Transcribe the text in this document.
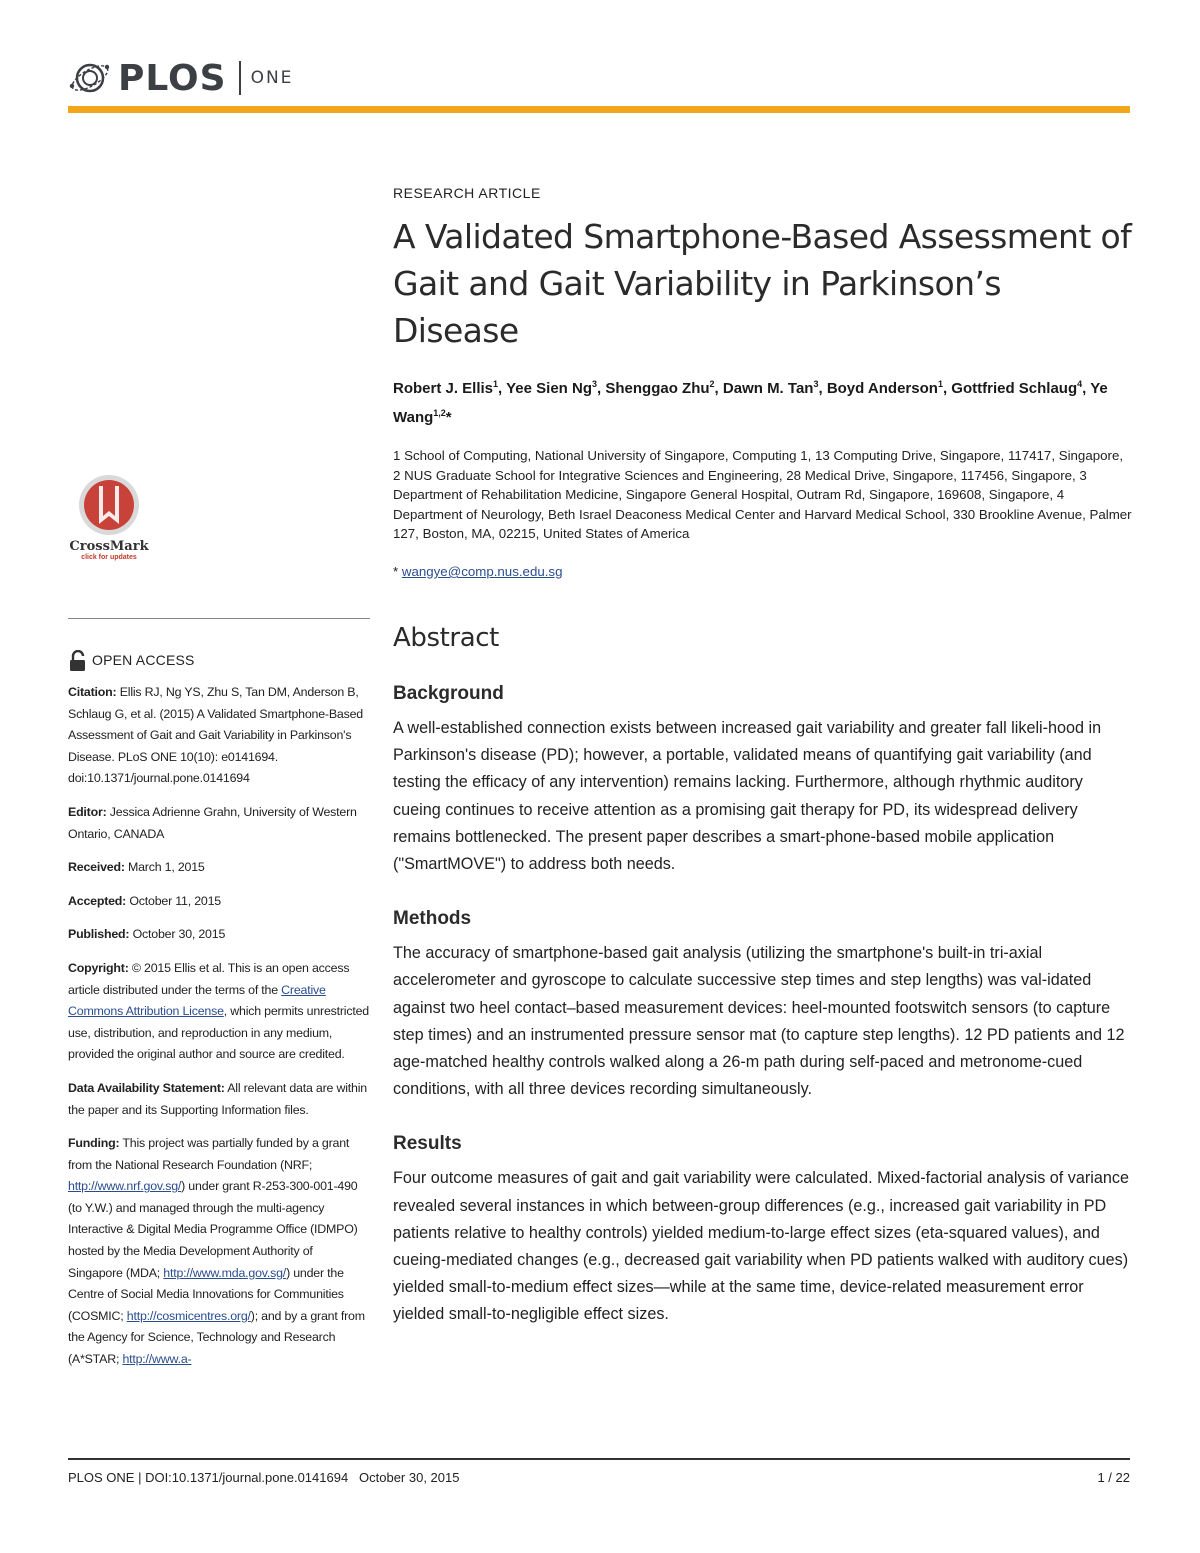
PLOS ONE
CrossMark
click for updates
OPEN ACCESS

Citation: Ellis RJ, Ng YS, Zhu S, Tan DM, Anderson B, Schlaug G, et al. (2015) A Validated Smartphone-Based Assessment of Gait and Gait Variability in Parkinson's Disease. PLoS ONE 10(10): e0141694. doi:10.1371/journal.pone.0141694

Editor: Jessica Adrienne Grahn, University of Western Ontario, CANADA

Received: March 1, 2015

Accepted: October 11, 2015

Published: October 30, 2015

Copyright: © 2015 Ellis et al. This is an open access article distributed under the terms of the Creative Commons Attribution License, which permits unrestricted use, distribution, and reproduction in any medium, provided the original author and source are credited.

Data Availability Statement: All relevant data are within the paper and its Supporting Information files.

Funding: This project was partially funded by a grant from the National Research Foundation (NRF; http://www.nrf.gov.sg/) under grant R-253-300-001-490 (to Y.W.) and managed through the multi-agency Interactive & Digital Media Programme Office (IDMPO) hosted by the Media Development Authority of Singapore (MDA; http://www.mda.gov.sg/) under the Centre of Social Media Innovations for Communities (COSMIC; http://cosmicentres.org/); and by a grant from the Agency for Science, Technology and Research (A*STAR; http://www.a-

RESEARCH ARTICLE
A Validated Smartphone-Based Assessment of Gait and Gait Variability in Parkinson’s Disease
Robert J. Ellis$^1$, Yee Sien Ng$^3$, Shenggao Zhu$^2$, Dawn M. Tan$^3$, Boyd Anderson$^1$, Gottfried Schlaug$^4$, Ye Wang$^{1,2}$*
1 School of Computing, National University of Singapore, Computing 1, 13 Computing Drive, Singapore, 117417, Singapore, 2 NUS Graduate School for Integrative Sciences and Engineering, 28 Medical Drive, Singapore, 117456, Singapore, 3 Department of Rehabilitation Medicine, Singapore General Hospital, Outram Rd, Singapore, 169608, Singapore, 4 Department of Neurology, Beth Israel Deaconess Medical Center and Harvard Medical School, 330 Brookline Avenue, Palmer 127, Boston, MA, 02215, United States of America
* wangye@comp.nus.edu.sg
Abstract
Background
A well-established connection exists between increased gait variability and greater fall likeli-hood in Parkinson's disease (PD); however, a portable, validated means of quantifying gait variability (and testing the efficacy of any intervention) remains lacking. Furthermore, although rhythmic auditory cueing continues to receive attention as a promising gait therapy for PD, its widespread delivery remains bottlenecked. The present paper describes a smart-phone-based mobile application ("SmartMOVE") to address both needs.
Methods
The accuracy of smartphone-based gait analysis (utilizing the smartphone's built-in tri-axial accelerometer and gyroscope to calculate successive step times and step lengths) was val-idated against two heel contact–based measurement devices: heel-mounted footswitch sensors (to capture step times) and an instrumented pressure sensor mat (to capture step lengths). 12 PD patients and 12 age-matched healthy controls walked along a 26-m path during self-paced and metronome-cued conditions, with all three devices recording simultaneously.
Results
Four outcome measures of gait and gait variability were calculated. Mixed-factorial analysis of variance revealed several instances in which between-group differences (e.g., increased gait variability in PD patients relative to healthy controls) yielded medium-to-large effect sizes (eta-squared values), and cueing-mediated changes (e.g., decreased gait variability when PD patients walked with auditory cues) yielded small-to-medium effect sizes—while at the same time, device-related measurement error yielded small-to-negligible effect sizes.
PLOS ONE | DOI:10.1371/journal.pone.0141694   October 30, 2015	1 / 22
